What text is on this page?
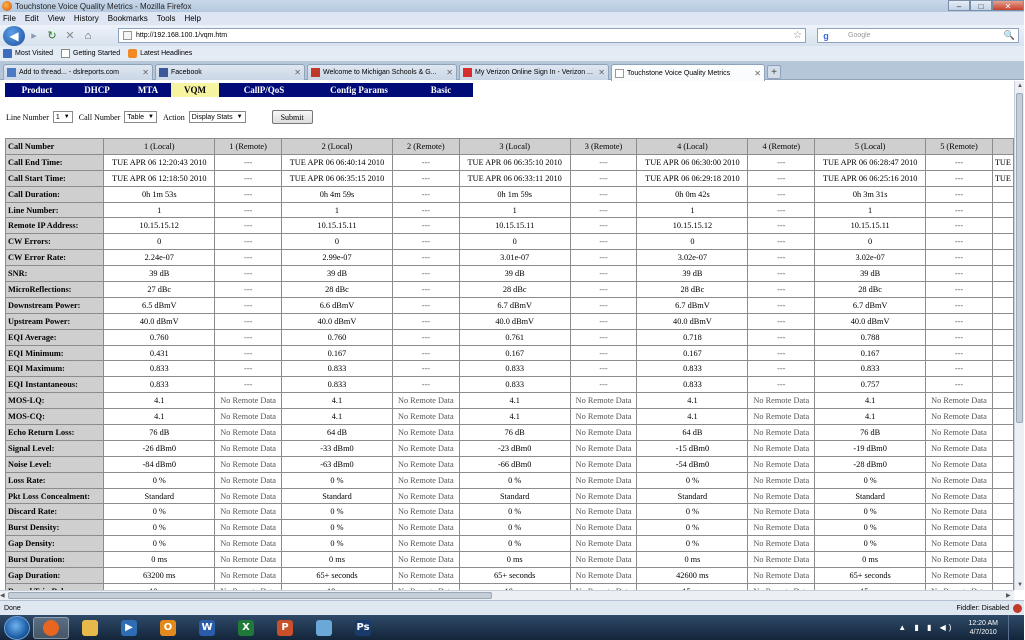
Touchstone Voice Quality Metrics - Mozilla Firefox	–	□	✕
File Edit View History Bookmarks Tools Help
◀	▸ ↻ ✕ ⌂	http://192.168.100.1/vqm.htm	☆ g	Google	🔍
Most Visited	Getting Started	Latest Headlines
Add to thread... - dslreports.com	✕	Facebook	✕	Welcome to Michigan Schools & G...	✕	My Verizon Online Sign In - Verizon ... ✕	Touchstone Voice Quality Metrics	✕	+
Product	DHCP	MTA	VQM	CallP/QoS	Config Params	Basic
Line Number 1 ▼ Call Number Table ▼ Action Display Stats ▼	Submit
Call Number	1 (Local)	1 (Remote)	2 (Local)	2 (Remote)	3 (Local)	3 (Remote)	4 (Local)	4 (Remote)	5 (Local)	5 (Remote)	
Call End Time:	TUE APR 06 12:20:43 2010	---	TUE APR 06 06:40:14 2010	---	TUE APR 06 06:35:10 2010	---	TUE APR 06 06:30:00 2010	---	TUE APR 06 06:28:47 2010	---	TUE
Call Start Time:	TUE APR 06 12:18:50 2010	---	TUE APR 06 06:35:15 2010	---	TUE APR 06 06:33:11 2010	---	TUE APR 06 06:29:18 2010	---	TUE APR 06 06:25:16 2010	---	TUE
Call Duration:	0h 1m 53s	---	0h 4m 59s	---	0h 1m 59s	---	0h 0m 42s	---	0h 3m 31s	---	
Line Number:	1	---	1	---	1	---	1	---	1	---	
Remote IP Address:	10.15.15.12	---	10.15.15.11	---	10.15.15.11	---	10.15.15.12	---	10.15.15.11	---	
CW Errors:	0	---	0	---	0	---	0	---	0	---	
CW Error Rate:	2.24e-07	---	2.99e-07	---	3.01e-07	---	3.02e-07	---	3.02e-07	---	
SNR:	39 dB	---	39 dB	---	39 dB	---	39 dB	---	39 dB	---	
MicroReflections:	27 dBc	---	28 dBc	---	28 dBc	---	28 dBc	---	28 dBc	---	
Downstream Power:	6.5 dBmV	---	6.6 dBmV	---	6.7 dBmV	---	6.7 dBmV	---	6.7 dBmV	---	
Upstream Power:	40.0 dBmV	---	40.0 dBmV	---	40.0 dBmV	---	40.0 dBmV	---	40.0 dBmV	---	
EQI Average:	0.760	---	0.760	---	0.761	---	0.718	---	0.788	---	
EQI Minimum:	0.431	---	0.167	---	0.167	---	0.167	---	0.167	---	
EQI Maximum:	0.833	---	0.833	---	0.833	---	0.833	---	0.833	---	
EQI Instantaneous:	0.833	---	0.833	---	0.833	---	0.833	---	0.757	---	
MOS-LQ:	4.1	No Remote Data	4.1	No Remote Data	4.1	No Remote Data	4.1	No Remote Data	4.1	No Remote Data	
MOS-CQ:	4.1	No Remote Data	4.1	No Remote Data	4.1	No Remote Data	4.1	No Remote Data	4.1	No Remote Data	
Echo Return Loss:	76 dB	No Remote Data	64 dB	No Remote Data	76 dB	No Remote Data	64 dB	No Remote Data	76 dB	No Remote Data	
Signal Level:	-26 dBm0	No Remote Data	-33 dBm0	No Remote Data	-23 dBm0	No Remote Data	-15 dBm0	No Remote Data	-19 dBm0	No Remote Data	
Noise Level:	-84 dBm0	No Remote Data	-63 dBm0	No Remote Data	-66 dBm0	No Remote Data	-54 dBm0	No Remote Data	-28 dBm0	No Remote Data	
Loss Rate:	0 %	No Remote Data	0 %	No Remote Data	0 %	No Remote Data	0 %	No Remote Data	0 %	No Remote Data	
Pkt Loss Concealment:	Standard	No Remote Data	Standard	No Remote Data	Standard	No Remote Data	Standard	No Remote Data	Standard	No Remote Data	
Discard Rate:	0 %	No Remote Data	0 %	No Remote Data	0 %	No Remote Data	0 %	No Remote Data	0 %	No Remote Data	
Burst Density:	0 %	No Remote Data	0 %	No Remote Data	0 %	No Remote Data	0 %	No Remote Data	0 %	No Remote Data	
Gap Density:	0 %	No Remote Data	0 %	No Remote Data	0 %	No Remote Data	0 %	No Remote Data	0 %	No Remote Data	
Burst Duration:	0 ms	No Remote Data	0 ms	No Remote Data	0 ms	No Remote Data	0 ms	No Remote Data	0 ms	No Remote Data	
Gap Duration:	63200 ms	No Remote Data	65+ seconds	No Remote Data	65+ seconds	No Remote Data	42600 ms	No Remote Data	65+ seconds	No Remote Data	

▲
▼
◀	▶
Done	Fiddler: Disabled
▶	O	W	X	P	Ps	▲ ▮ ▮ ◀) 12:20 AM
4/7/2010
